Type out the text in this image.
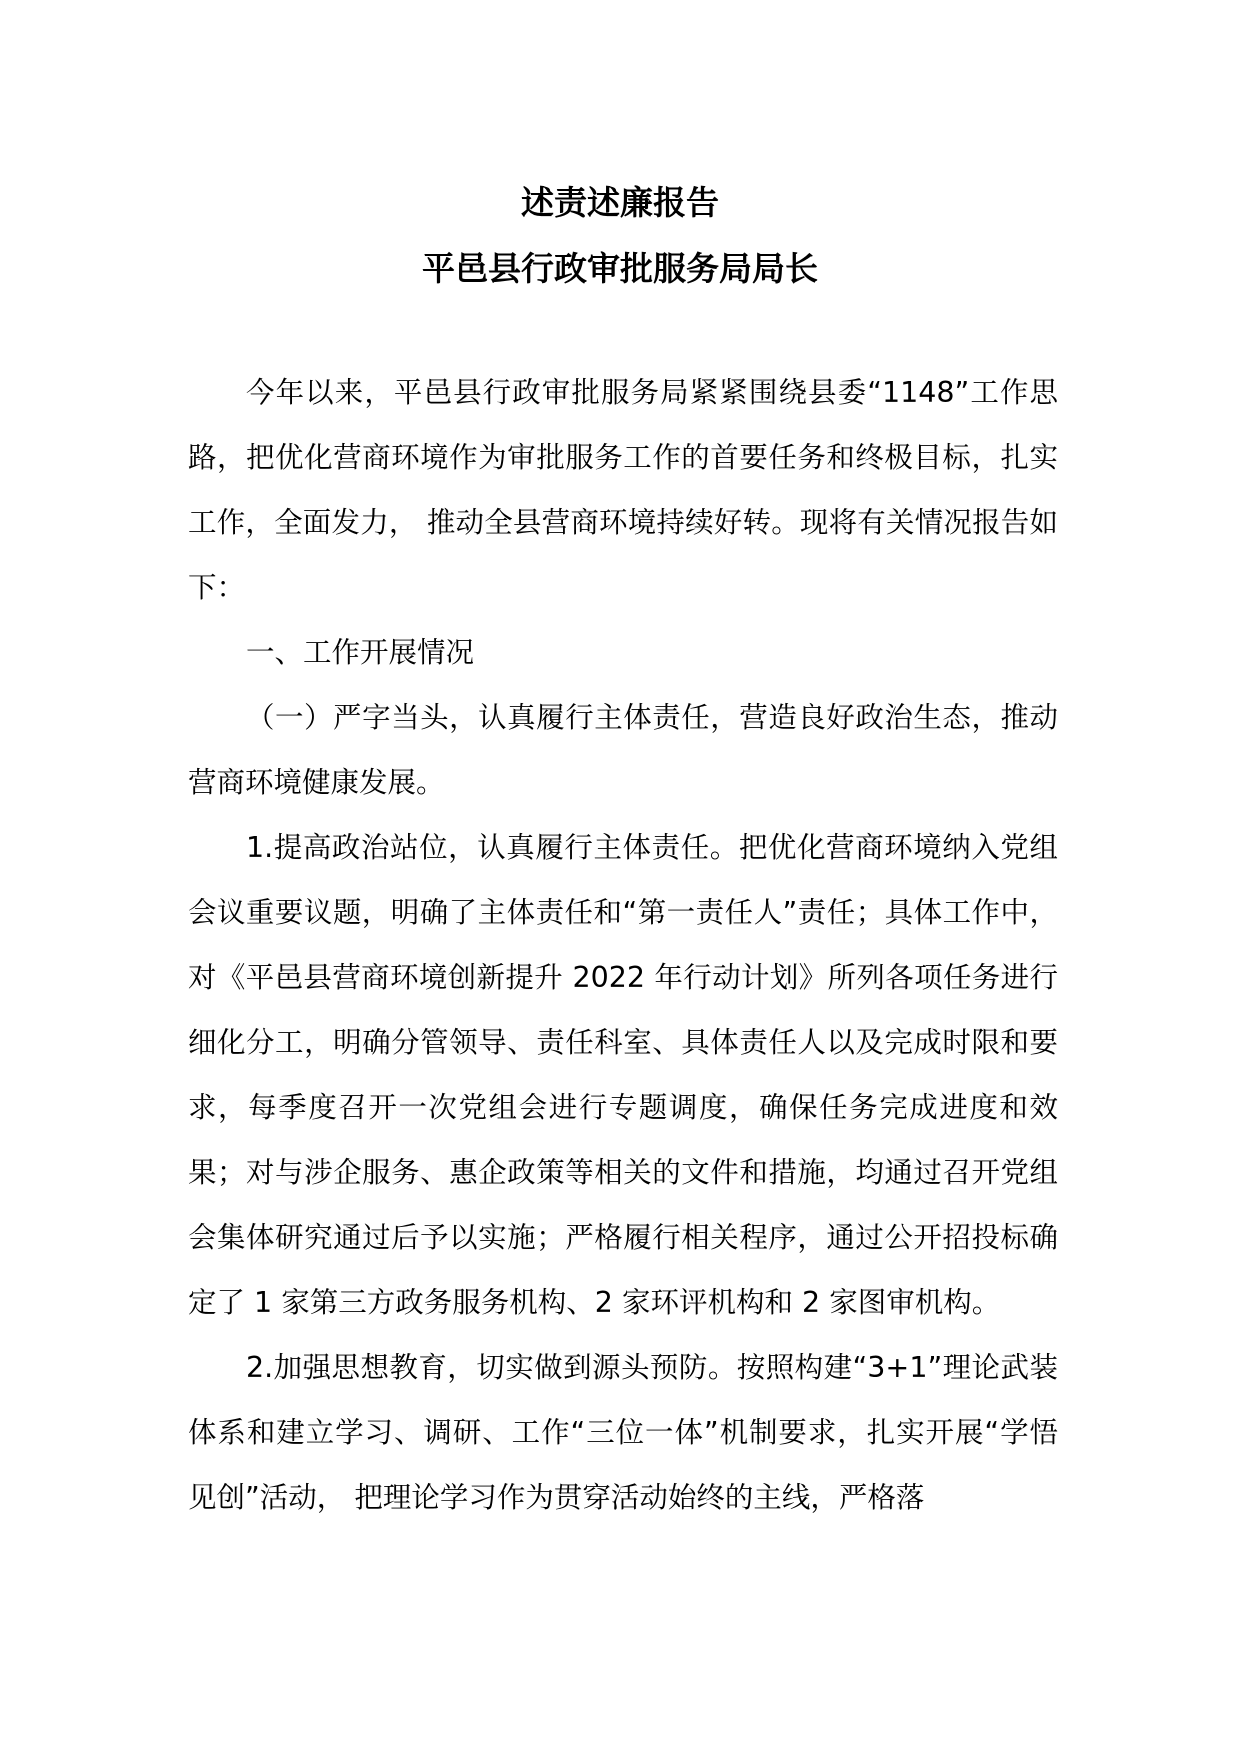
述责述廉报告
平邑县行政审批服务局局长

今年以来，平邑县行政审批服务局紧紧围绕县委“1148”工作思路，把优化营商环境作为审批服务工作的首要任务和终极目标，扎实工作，全面发力， 推动全县营商环境持续好转。现将有关情况报告如下：

一、工作开展情况

（一）严字当头，认真履行主体责任，营造良好政治生态，推动营商环境健康发展。

1.提高政治站位，认真履行主体责任。把优化营商环境纳入党组会议重要议题，明确了主体责任和“第一责任人”责任；具体工作中，对《平邑县营商环境创新提升 2022 年行动计划》所列各项任务进行细化分工，明确分管领导、责任科室、具体责任人以及完成时限和要求，每季度召开一次党组会进行专题调度，确保任务完成进度和效果；对与涉企服务、惠企政策等相关的文件和措施，均通过召开党组会集体研究通过后予以实施；严格履行相关程序，通过公开招投标确定了 1 家第三方政务服务机构、2 家环评机构和 2 家图审机构。

2.加强思想教育，切实做到源头预防。按照构建“3+1”理论武装体系和建立学习、调研、工作“三位一体”机制要求，扎实开展“学悟见创”活动， 把理论学习作为贯穿活动始终的主线，严格落
